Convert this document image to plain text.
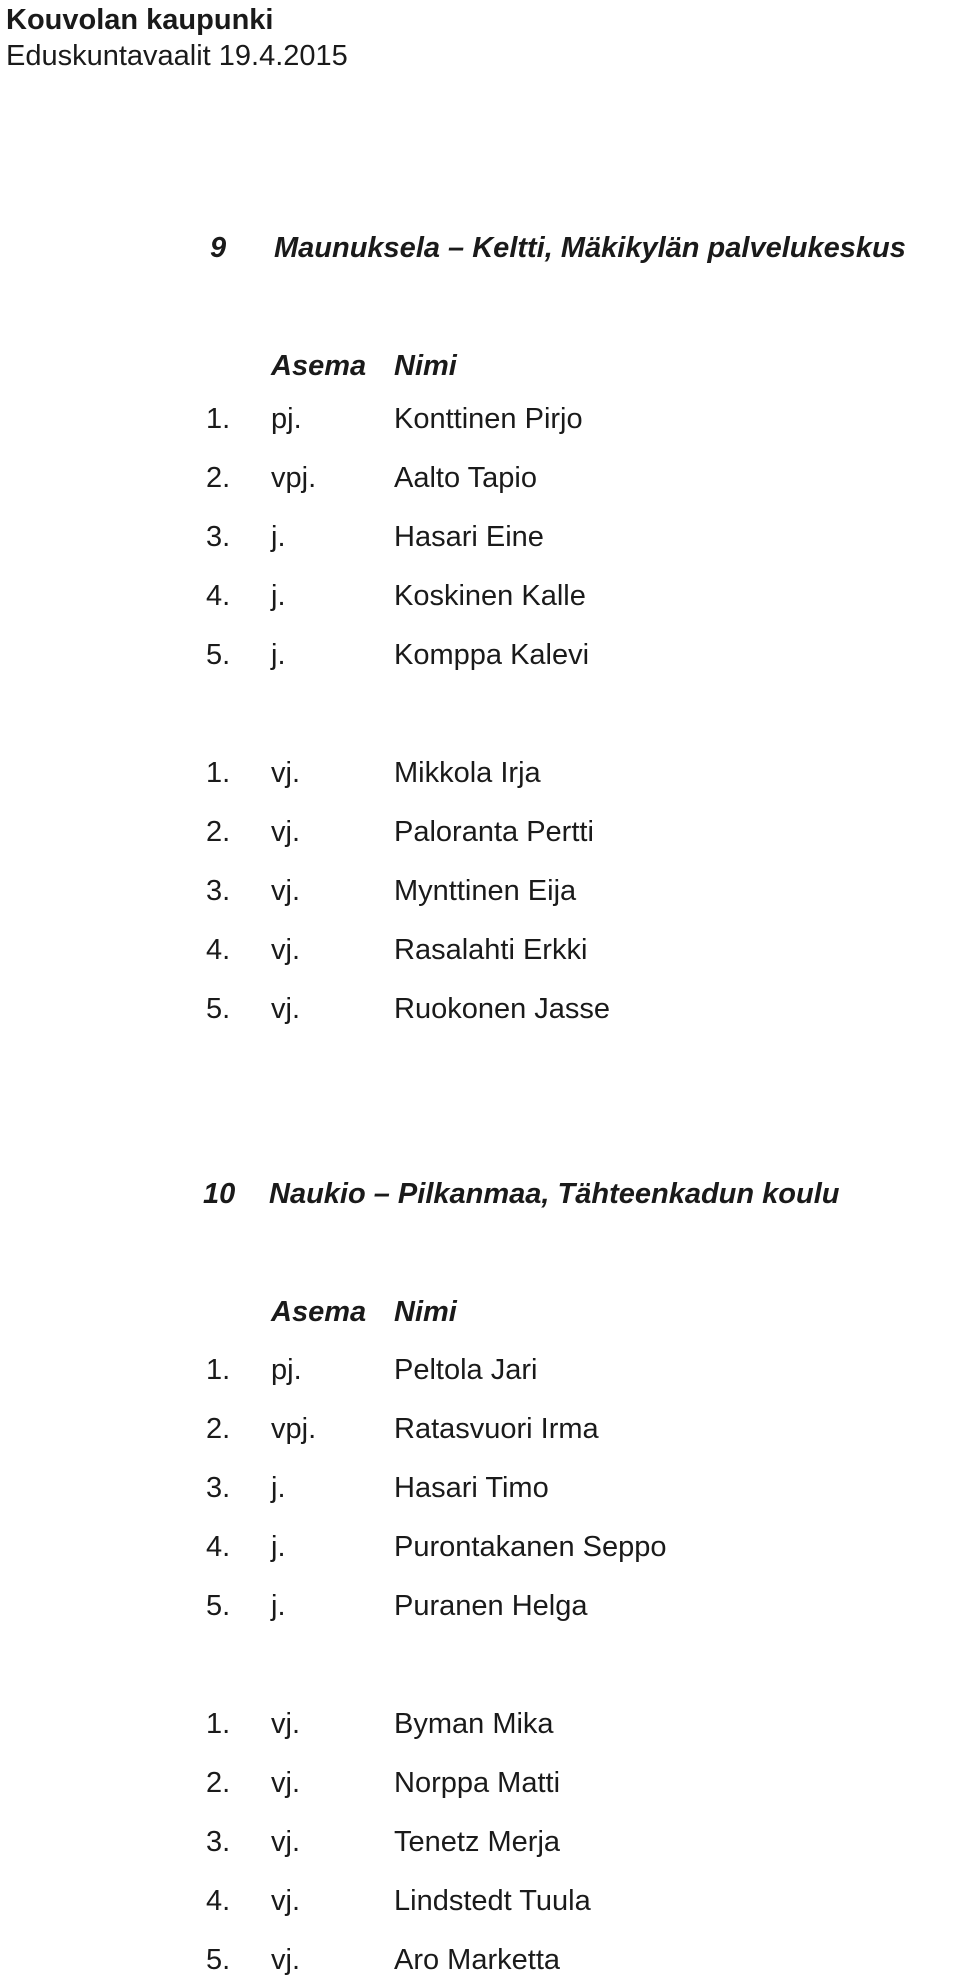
Kouvolan kaupunki
Eduskuntavaalit 19.4.2015
9 Maunuksela – Keltti, Mäkikylän palvelukeskus
Asema Nimi
1. pj.	Konttinen Pirjo
2. vpj.	Aalto Tapio
3. j.	Hasari Eine
4. j.	Koskinen Kalle
5. j.	Komppa Kalevi
1. vj.	Mikkola Irja
2. vj.	Paloranta Pertti
3. vj.	Mynttinen Eija
4. vj.	Rasalahti Erkki
5. vj.	Ruokonen Jasse
10 Naukio – Pilkanmaa, Tähteenkadun koulu
Asema Nimi
1. pj.	Peltola Jari
2. vpj.	Ratasvuori Irma
3. j.	Hasari Timo
4. j.	Purontakanen Seppo
5. j.	Puranen Helga
1. vj.	Byman Mika
2. vj.	Norppa Matti
3. vj.	Tenetz Merja
4. vj.	Lindstedt Tuula
5. vj.	Aro Marketta
